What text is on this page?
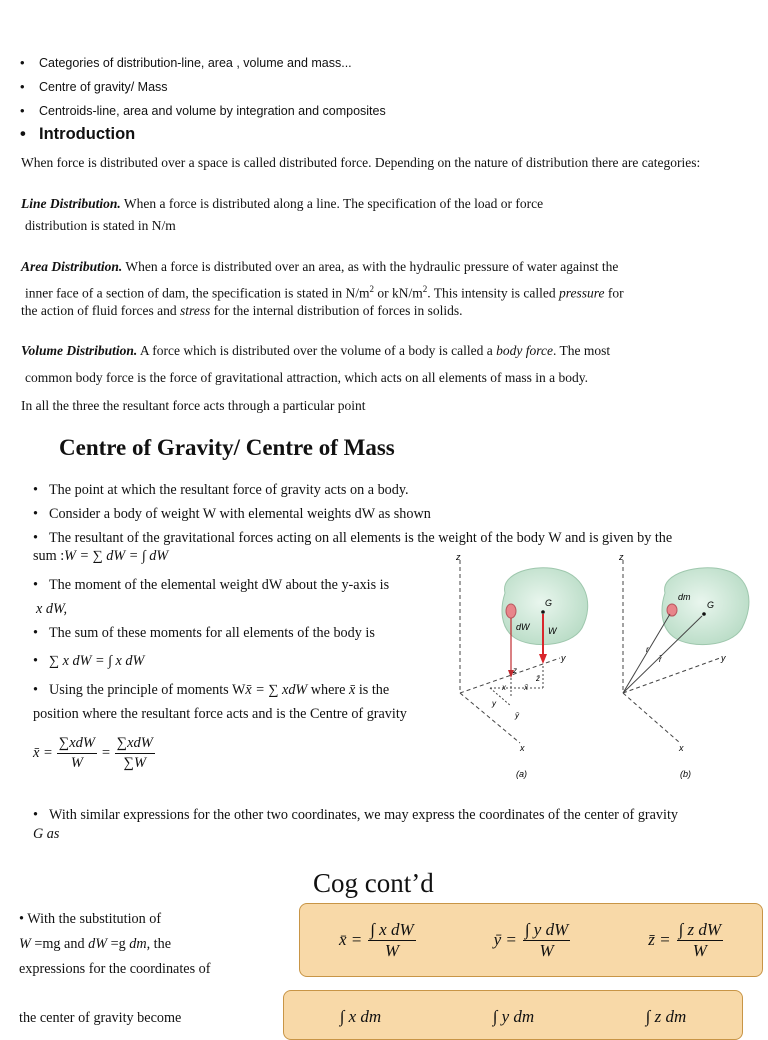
• Categories of distribution-line, area , volume and mass...
• Centre of gravity/ Mass
• Centroids-line, area and volume by integration and composites
• Introduction
When force is distributed over a space is called distributed force. Depending on the nature of distribution there are categories:
Line Distribution. When a force is distributed along a line. The specification of the load or force
distribution is stated in N/m
Area Distribution. When a force is distributed over an area, as with the hydraulic pressure of water against the
inner face of a section of dam, the specification is stated in $N/m^2$ or $kN/m^2$. This intensity is called pressure for
the action of fluid forces and stress for the internal distribution of forces in solids.
Volume Distribution. A force which is distributed over the volume of a body is called a body force. The most
common body force is the force of gravitational attraction, which acts on all elements of mass in a body.
In all the three the resultant force acts through a particular point
Centre of Gravity/ Centre of Mass
• The point at which the resultant force of gravity acts on a body.
• Consider a body of weight W with elemental weights dW as shown
• The resultant of the gravitational forces acting on all elements is the weight of the body W and is given by the
sum :W = ∑ dW = ∫ dW
• The moment of the elemental weight dW about the y-axis is
x dW,
• The sum of these moments for all elements of the body is
• ∑ x dW = ∫ x dW
• Using the principle of moments Wx̄ = ∑ xdW where x̄ is the
position where the resultant force acts and is the Centre of gravity
x̄ = $\frac{\text{∑xdW}}{W} = \frac{\text{∑xdW}}{\sum W}$
z
dW
G
W
y
x
x x̄
z̄
z
y
ȳ
(a)
z
dm
G
r
r̄	y
x
(b)
• With similar expressions for the other two coordinates, we may express the coordinates of the center of gravity
G as
Cog cont’d
• With the substitution of
W =mg and dW =g dm, the
expressions for the coordinates of
the center of gravity become
x̄ = $\frac{\text{∫ x dW}}{W}$	ȳ = $\frac{\text{∫ y dW}}{W}$	z̄ = $\frac{\text{∫ z dW}}{W}$
∫ x dm	∫ y dm	∫ z dm
